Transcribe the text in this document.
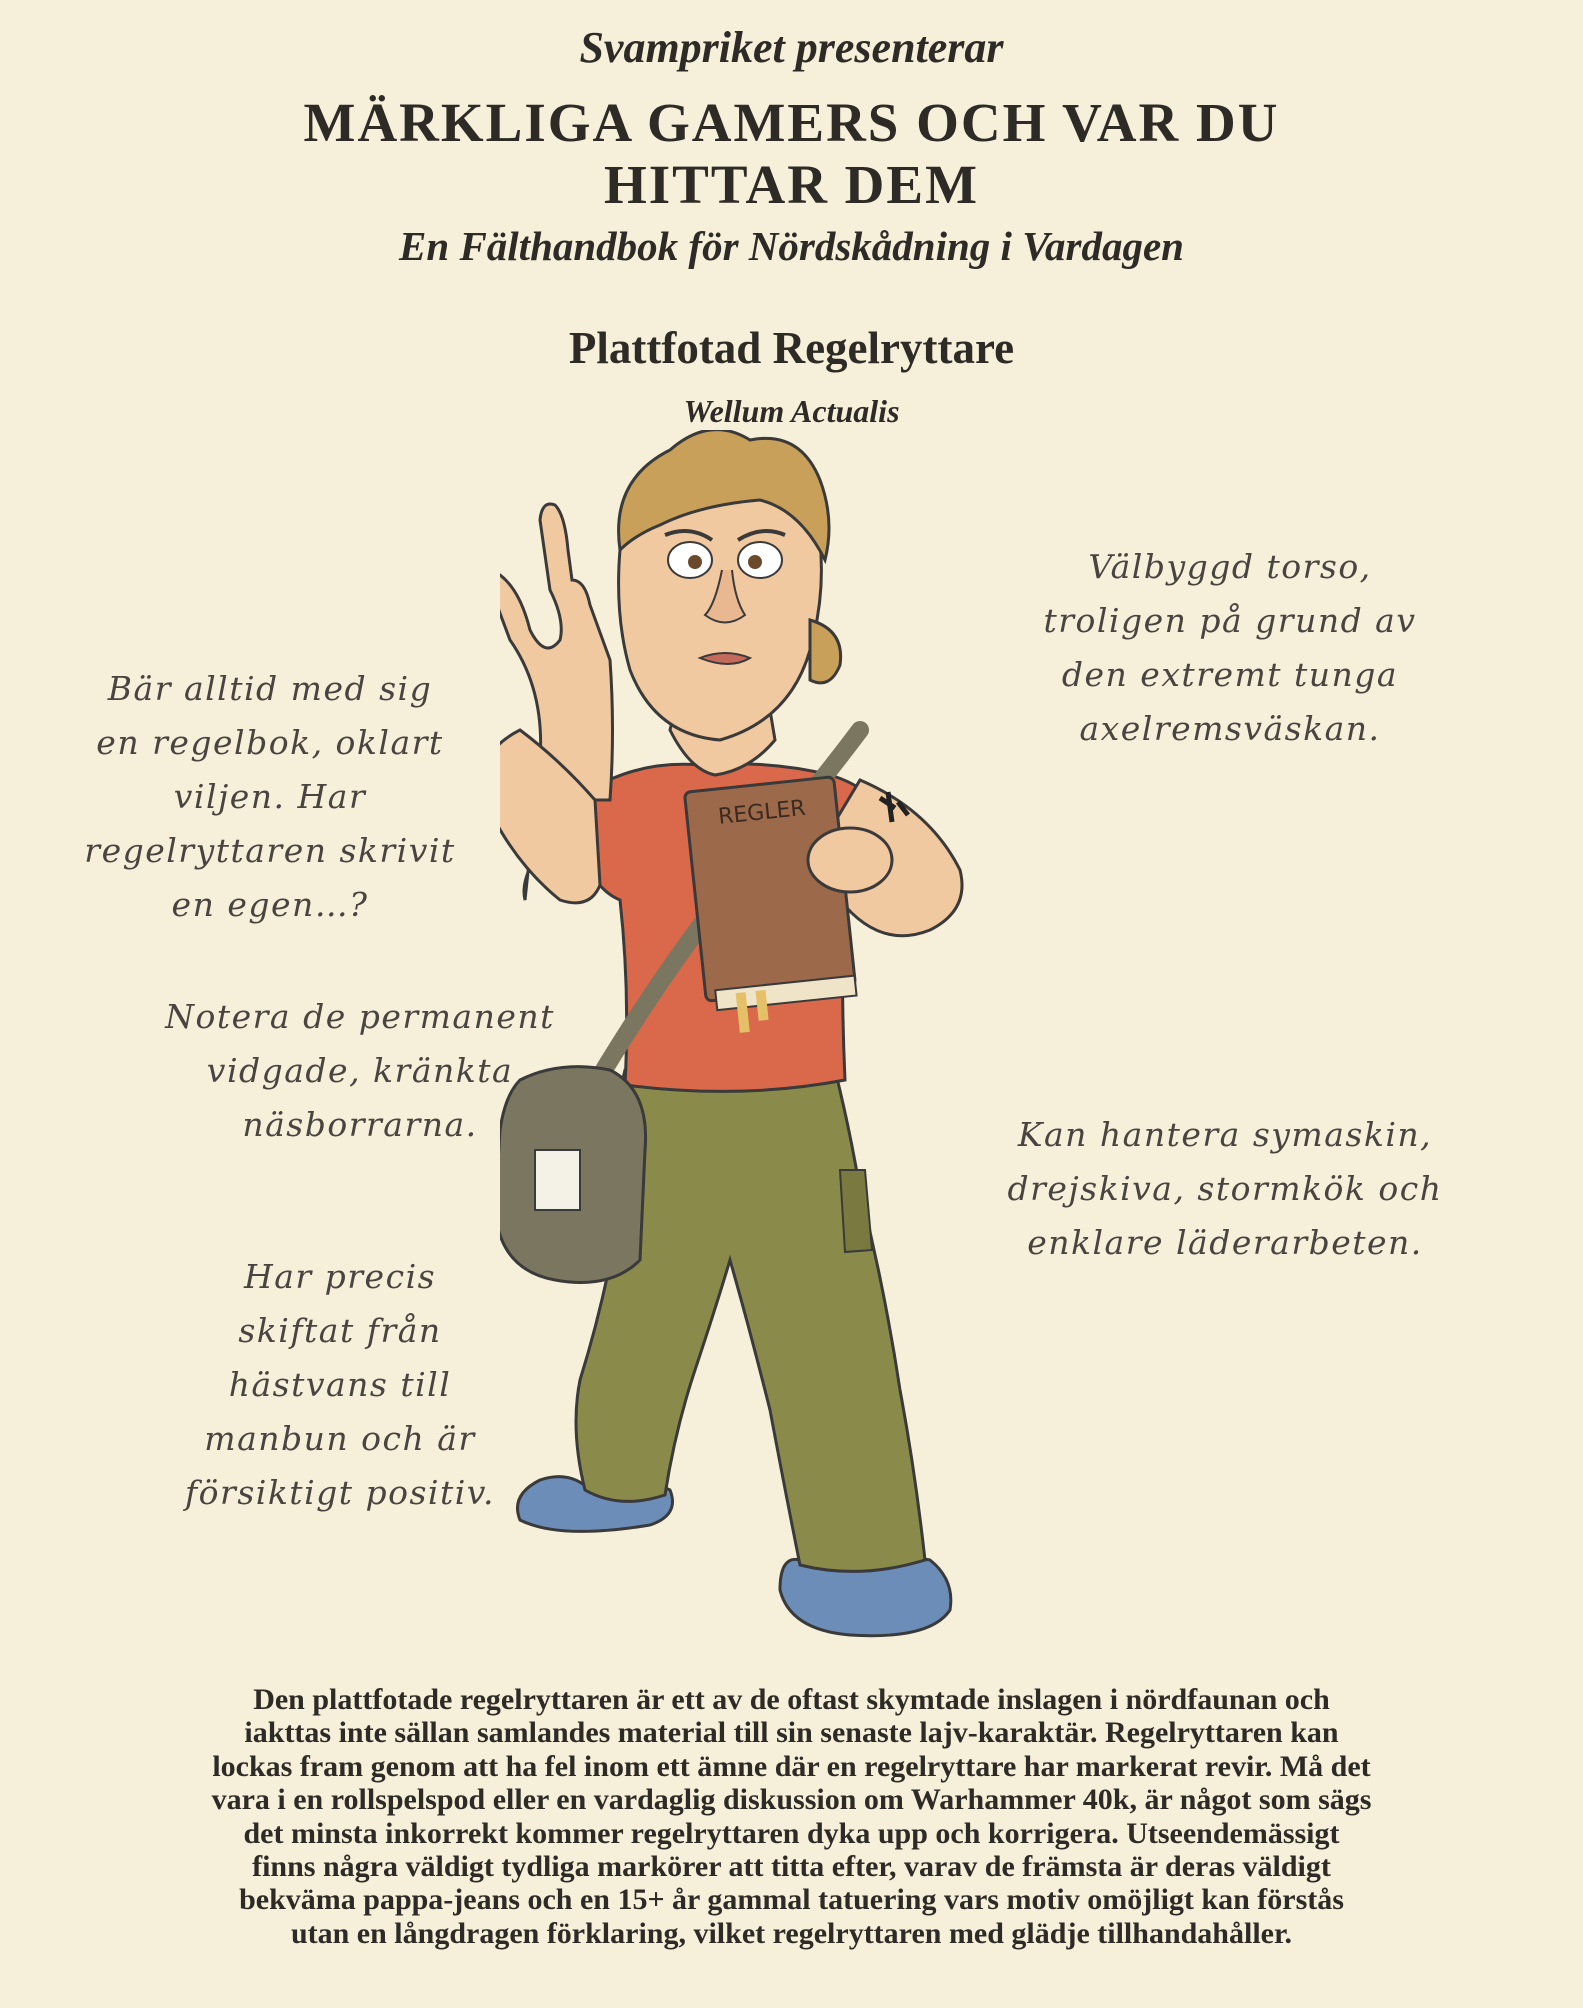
Svampriket presenterar
MÄRKLIGA GAMERS OCH VAR DU
HITTAR DEM
En Fälthandbok för Nördskådning i Vardagen
Plattfotad Regelryttare
Wellum Actualis
REGLER
Bär alltid med sig
en regelbok, oklart
viljen. Har
regelryttaren skrivit
en egen…?
Notera de permanent
vidgade, kränkta
näsborrarna.
Har precis
skiftat från
hästvans till
manbun och är
försiktigt positiv.
Välbyggd torso,
troligen på grund av
den extremt tunga
axelremsväskan.
Kan hantera symaskin,
drejskiva, stormkök och
enklare läderarbeten.
Den plattfotade regelryttaren är ett av de oftast skymtade inslagen i nördfaunan och
iakttas inte sällan samlandes material till sin senaste lajv-karaktär. Regelryttaren kan
lockas fram genom att ha fel inom ett ämne där en regelryttare har markerat revir. Må det
vara i en rollspelspod eller en vardaglig diskussion om Warhammer 40k, är något som sägs
det minsta inkorrekt kommer regelryttaren dyka upp och korrigera. Utseendemässigt
finns några väldigt tydliga markörer att titta efter, varav de främsta är deras väldigt
bekväma pappa-jeans och en 15+ år gammal tatuering vars motiv omöjligt kan förstås
utan en långdragen förklaring, vilket regelryttaren med glädje tillhandahåller.
